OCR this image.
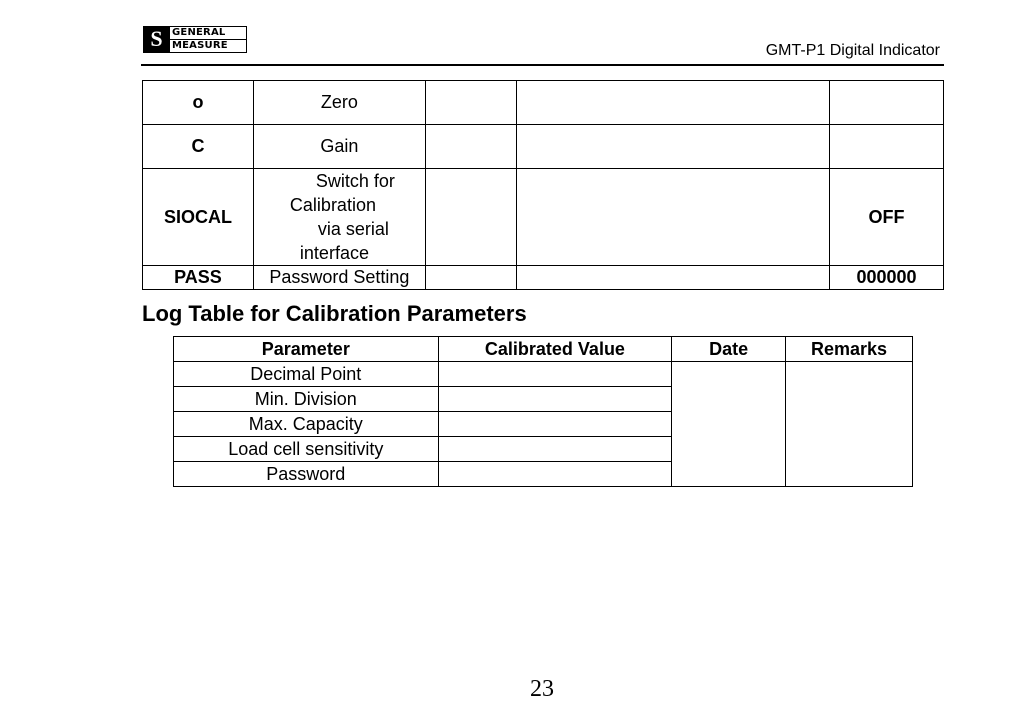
S GENERAL
MEASURE	GMT-P1 Digital Indicator
o	Zero			
C	Gain			
SIOCAL	Switch for
Calibration
via serial
interface			OFF
PASS	Password Setting			000000
Log Table for Calibration Parameters
Parameter	Calibrated Value	Date	Remarks
Decimal Point			
Min. Division			
Max. Capacity			
Load cell sensitivity			
Password			
23
